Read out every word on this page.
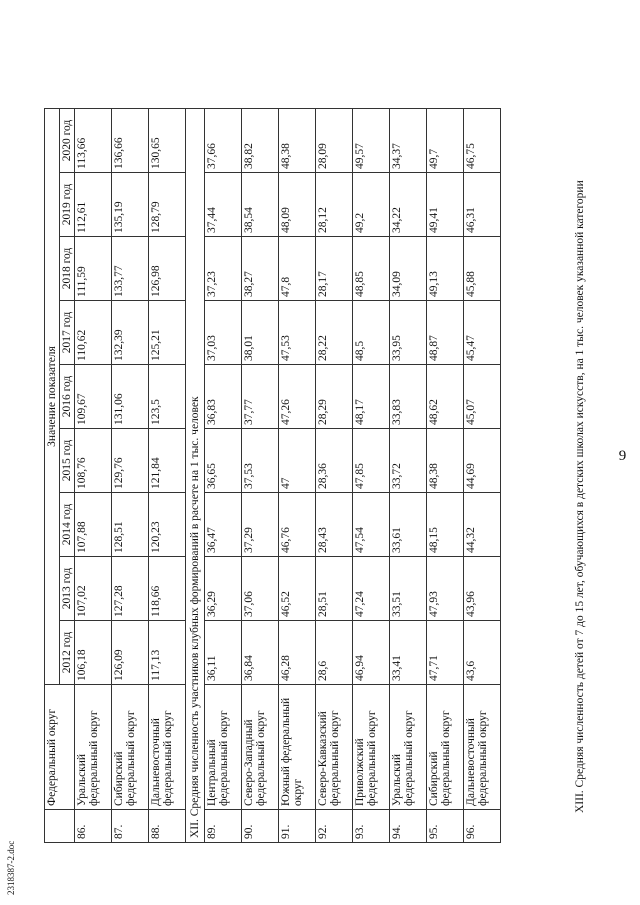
9
2318387-2.doc
	Федеральный округ	Значение показателя								
		2012 год	2013 год	2014 год	2015 год	2016 год	2017 год	2018 год	2019 год	2020 год
86.	Уральский федеральный округ	106,18	107,02	107,88	108,76	109,67	110,62	111,59	112,61	113,66
87.	Сибирский федеральный округ	126,09	127,28	128,51	129,76	131,06	132,39	133,77	135,19	136,66
88.	Дальневосточный федеральный округ	117,13	118,66	120,23	121,84	123,5	125,21	126,98	128,79	130,65
XII. Средняя численность участников клубных формирований в расчете на 1 тыс. человек										
89.	Центральный федеральный округ	36,11	36,29	36,47	36,65	36,83	37,03	37,23	37,44	37,66
90.	Северо-Западный федеральный округ	36,84	37,06	37,29	37,53	37,77	38,01	38,27	38,54	38,82
91.	Южный федеральный округ	46,28	46,52	46,76	47	47,26	47,53	47,8	48,09	48,38
92.	Северо-Кавказский федеральный округ	28,6	28,51	28,43	28,36	28,29	28,22	28,17	28,12	28,09
93.	Приволжский федеральный округ	46,94	47,24	47,54	47,85	48,17	48,5	48,85	49,2	49,57
94.	Уральский федеральный округ	33,41	33,51	33,61	33,72	33,83	33,95	34,09	34,22	34,37
95.	Сибирский федеральный округ	47,71	47,93	48,15	48,38	48,62	48,87	49,13	49,41	49,7
96.	Дальневосточный федеральный округ	43,6	43,96	44,32	44,69	45,07	45,47	45,88	46,31	46,75
XIII. Средняя численность детей от 7 до 15 лет, обучающихся в детских школах искусств, на 1 тыс. человек указанной категории
